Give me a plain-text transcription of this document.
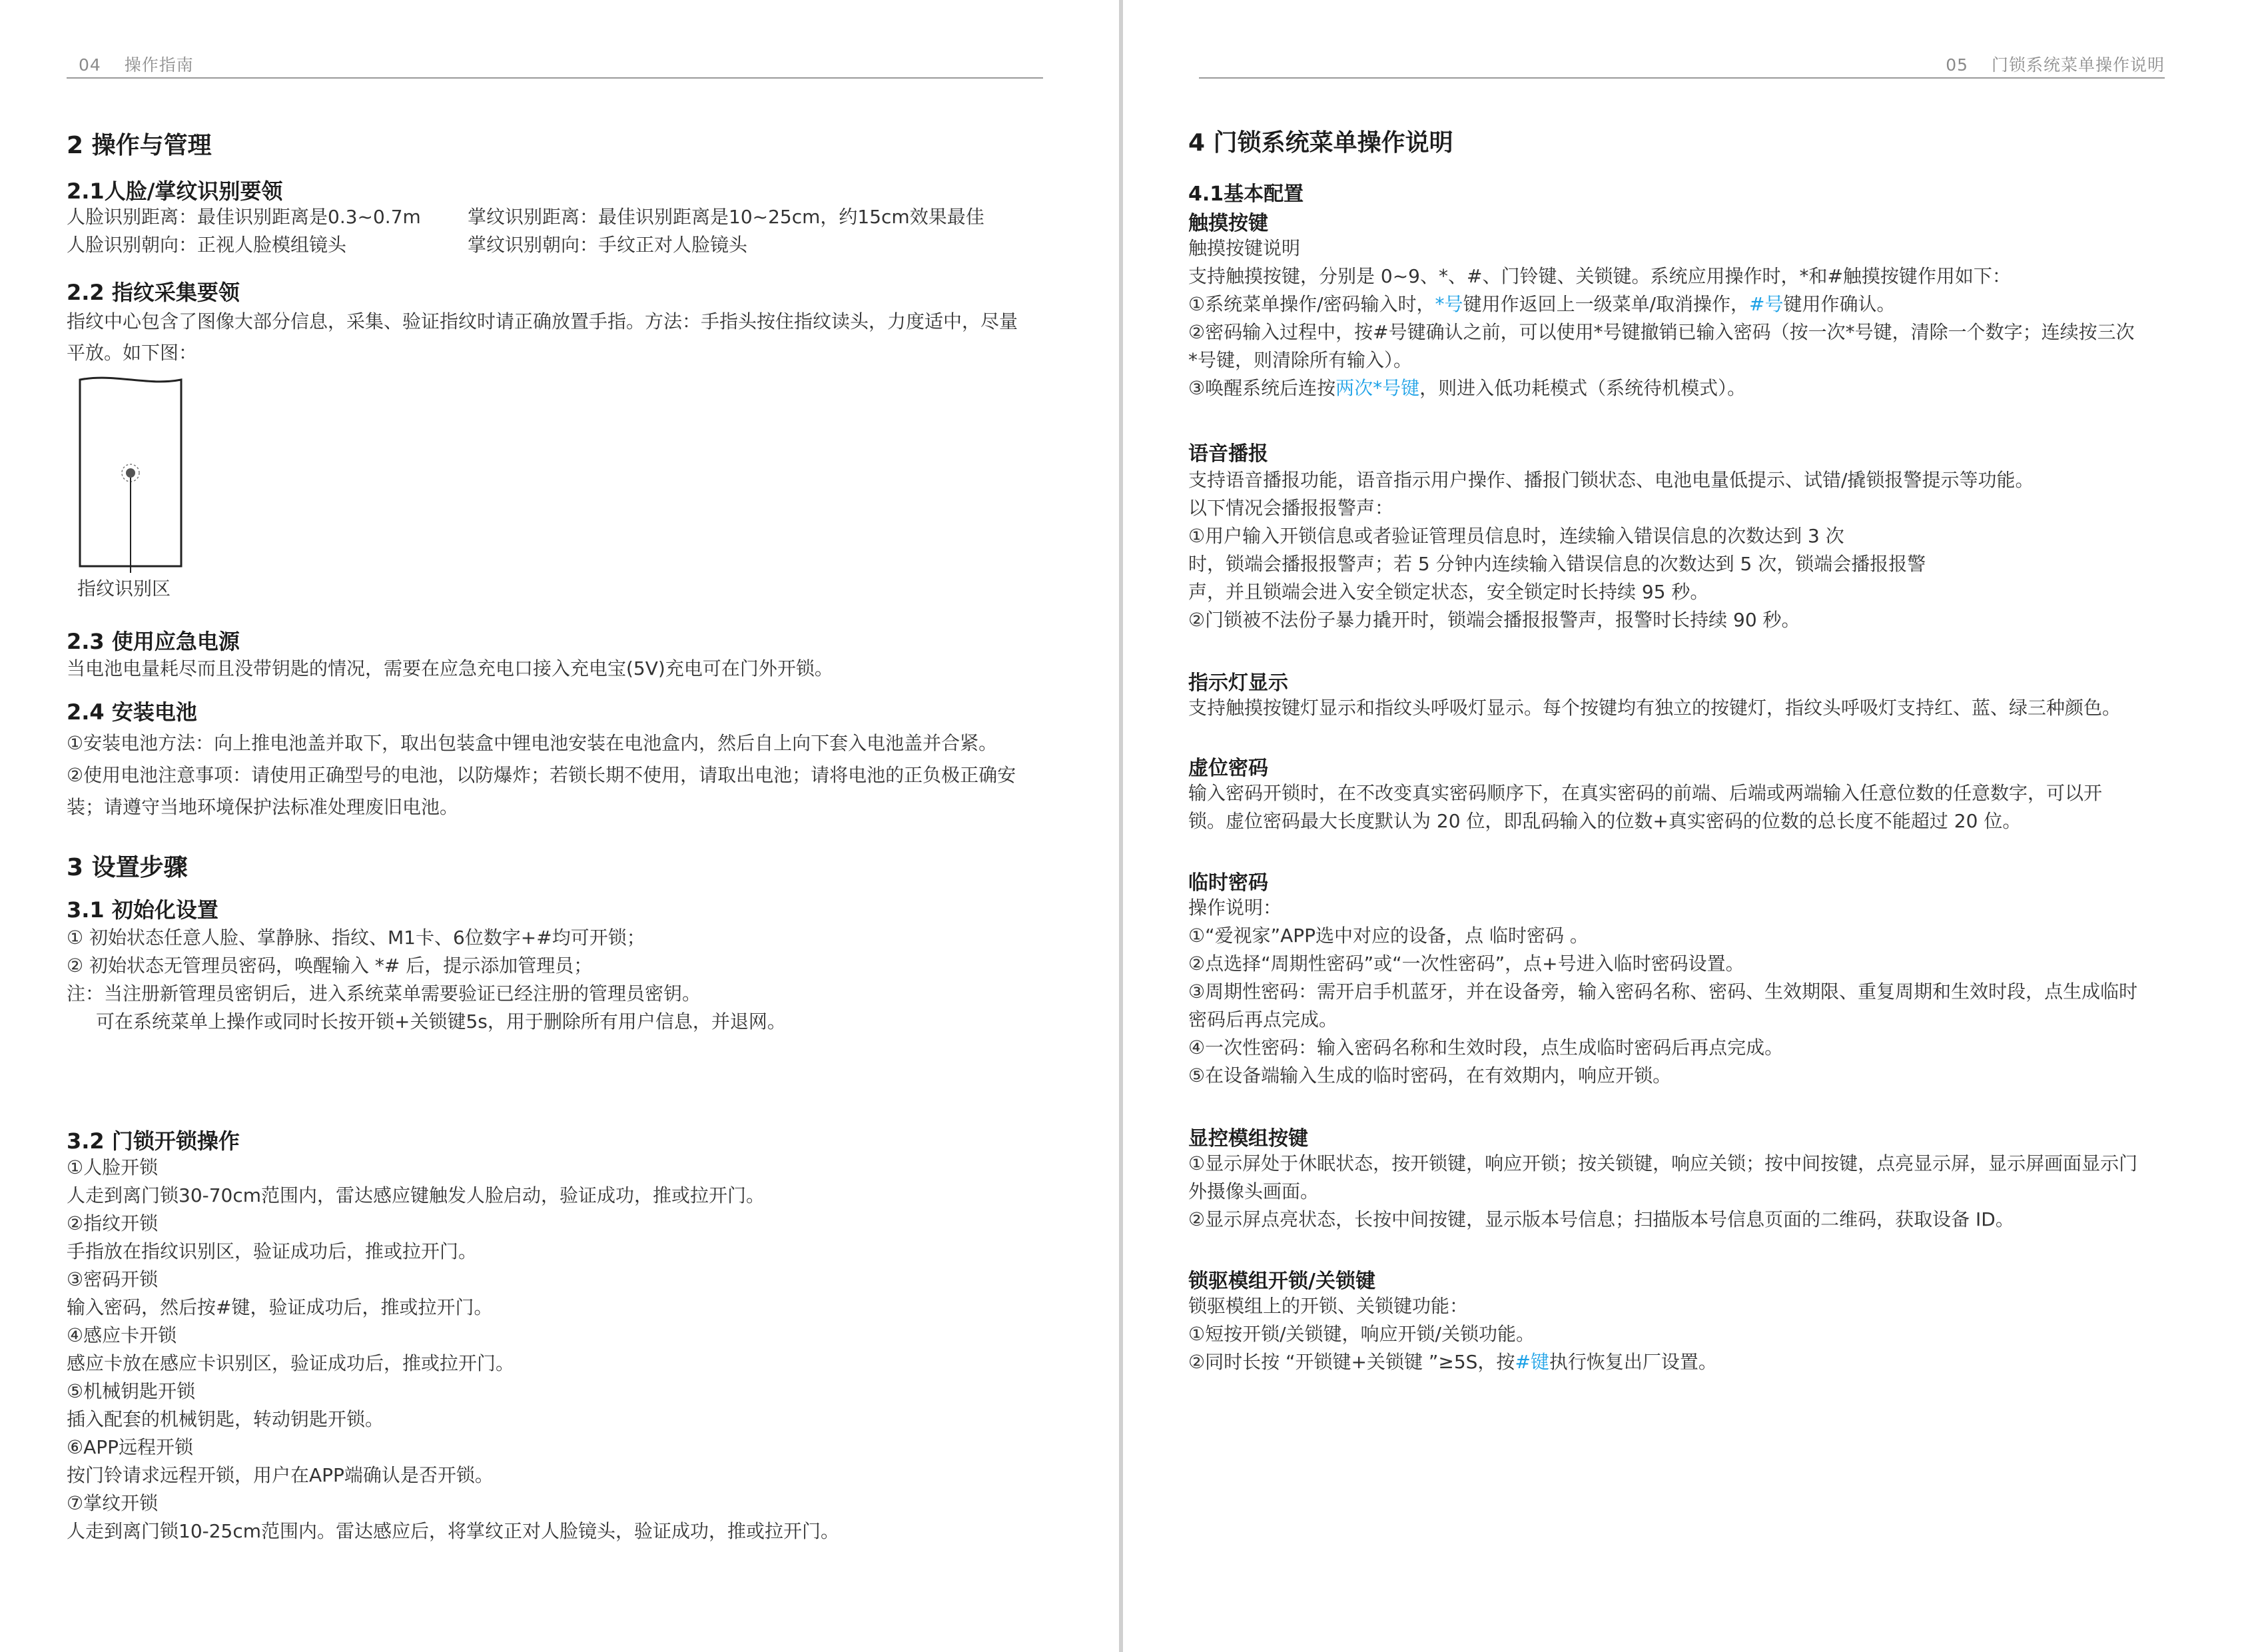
04 操作指南
2 操作与管理
2.1人脸/掌纹识别要领
人脸识别距离：最佳识别距离是0.3~0.7m	掌纹识别距离：最佳识别距离是10~25cm，约15cm效果最佳
人脸识别朝向：正视人脸模组镜头	掌纹识别朝向：手纹正对人脸镜头
2.2 指纹采集要领
指纹中心包含了图像大部分信息，采集、验证指纹时请正确放置手指。方法：手指头按住指纹读头，力度适中，尽量
平放。如下图：
指纹识别区
2.3 使用应急电源
当电池电量耗尽而且没带钥匙的情况，需要在应急充电口接入充电宝(5V)充电可在门外开锁。
2.4 安装电池
①安装电池方法：向上推电池盖并取下，取出包装盒中锂电池安装在电池盒内，然后自上向下套入电池盖并合紧。
②使用电池注意事项：请使用正确型号的电池，以防爆炸；若锁长期不使用，请取出电池；请将电池的正负极正确安
装；请遵守当地环境保护法标准处理废旧电池。
3 设置步骤
3.1 初始化设置
① 初始状态任意人脸、掌静脉、指纹、M1卡、6位数字+#均可开锁；
② 初始状态无管理员密码，唤醒输入 *# 后，提示添加管理员；
注：当注册新管理员密钥后，进入系统菜单需要验证已经注册的管理员密钥。
可在系统菜单上操作或同时长按开锁+关锁键5s，用于删除所有用户信息，并退网。
3.2 门锁开锁操作
①人脸开锁
人走到离门锁30-70cm范围内，雷达感应键触发人脸启动，验证成功，推或拉开门。
②指纹开锁
手指放在指纹识别区，验证成功后，推或拉开门。
③密码开锁
输入密码，然后按#键，验证成功后，推或拉开门。
④感应卡开锁
感应卡放在感应卡识别区，验证成功后，推或拉开门。
⑤机械钥匙开锁
插入配套的机械钥匙，转动钥匙开锁。
⑥APP远程开锁
按门铃请求远程开锁，用户在APP端确认是否开锁。
⑦掌纹开锁
人走到离门锁10-25cm范围内。雷达感应后，将掌纹正对人脸镜头，验证成功，推或拉开门。
05 门锁系统菜单操作说明
4 门锁系统菜单操作说明
4.1基本配置
触摸按键
触摸按键说明
支持触摸按键，分别是 0~9、*、#、门铃键、关锁键。系统应用操作时，*和#触摸按键作用如下：
①系统菜单操作/密码输入时，*号键用作返回上一级菜单/取消操作，#号键用作确认。
②密码输入过程中，按#号键确认之前，可以使用*号键撤销已输入密码（按一次*号键，清除一个数字；连续按三次
*号键，则清除所有输入）。
③唤醒系统后连按两次*号键，则进入低功耗模式（系统待机模式）。
语音播报
支持语音播报功能，语音指示用户操作、播报门锁状态、电池电量低提示、试错/撬锁报警提示等功能。
以下情况会播报报警声：
①用户输入开锁信息或者验证管理员信息时，连续输入错误信息的次数达到 3 次
时，锁端会播报报警声；若 5 分钟内连续输入错误信息的次数达到 5 次，锁端会播报报警
声，并且锁端会进入安全锁定状态，安全锁定时长持续 95 秒。
②门锁被不法份子暴力撬开时，锁端会播报报警声，报警时长持续 90 秒。
指示灯显示
支持触摸按键灯显示和指纹头呼吸灯显示。每个按键均有独立的按键灯，指纹头呼吸灯支持红、蓝、绿三种颜色。
虚位密码
输入密码开锁时，在不改变真实密码顺序下，在真实密码的前端、后端或两端输入任意位数的任意数字，可以开
锁。虚位密码最大长度默认为 20 位，即乱码输入的位数+真实密码的位数的总长度不能超过 20 位。
临时密码
操作说明：
①“爱视家”APP选中对应的设备，点 临时密码 。
②点选择“周期性密码”或“一次性密码”，点+号进入临时密码设置。
③周期性密码：需开启手机蓝牙，并在设备旁，输入密码名称、密码、生效期限、重复周期和生效时段，点生成临时
密码后再点完成。
④一次性密码：输入密码名称和生效时段，点生成临时密码后再点完成。
⑤在设备端输入生成的临时密码，在有效期内，响应开锁。
显控模组按键
①显示屏处于休眠状态，按开锁键，响应开锁；按关锁键，响应关锁；按中间按键，点亮显示屏，显示屏画面显示门
外摄像头画面。
②显示屏点亮状态，长按中间按键，显示版本号信息；扫描版本号信息页面的二维码，获取设备 ID。
锁驱模组开锁/关锁键
锁驱模组上的开锁、关锁键功能：
①短按开锁/关锁键，响应开锁/关锁功能。
②同时长按 “开锁键+关锁键 ”≥5S，按#键执行恢复出厂设置。
